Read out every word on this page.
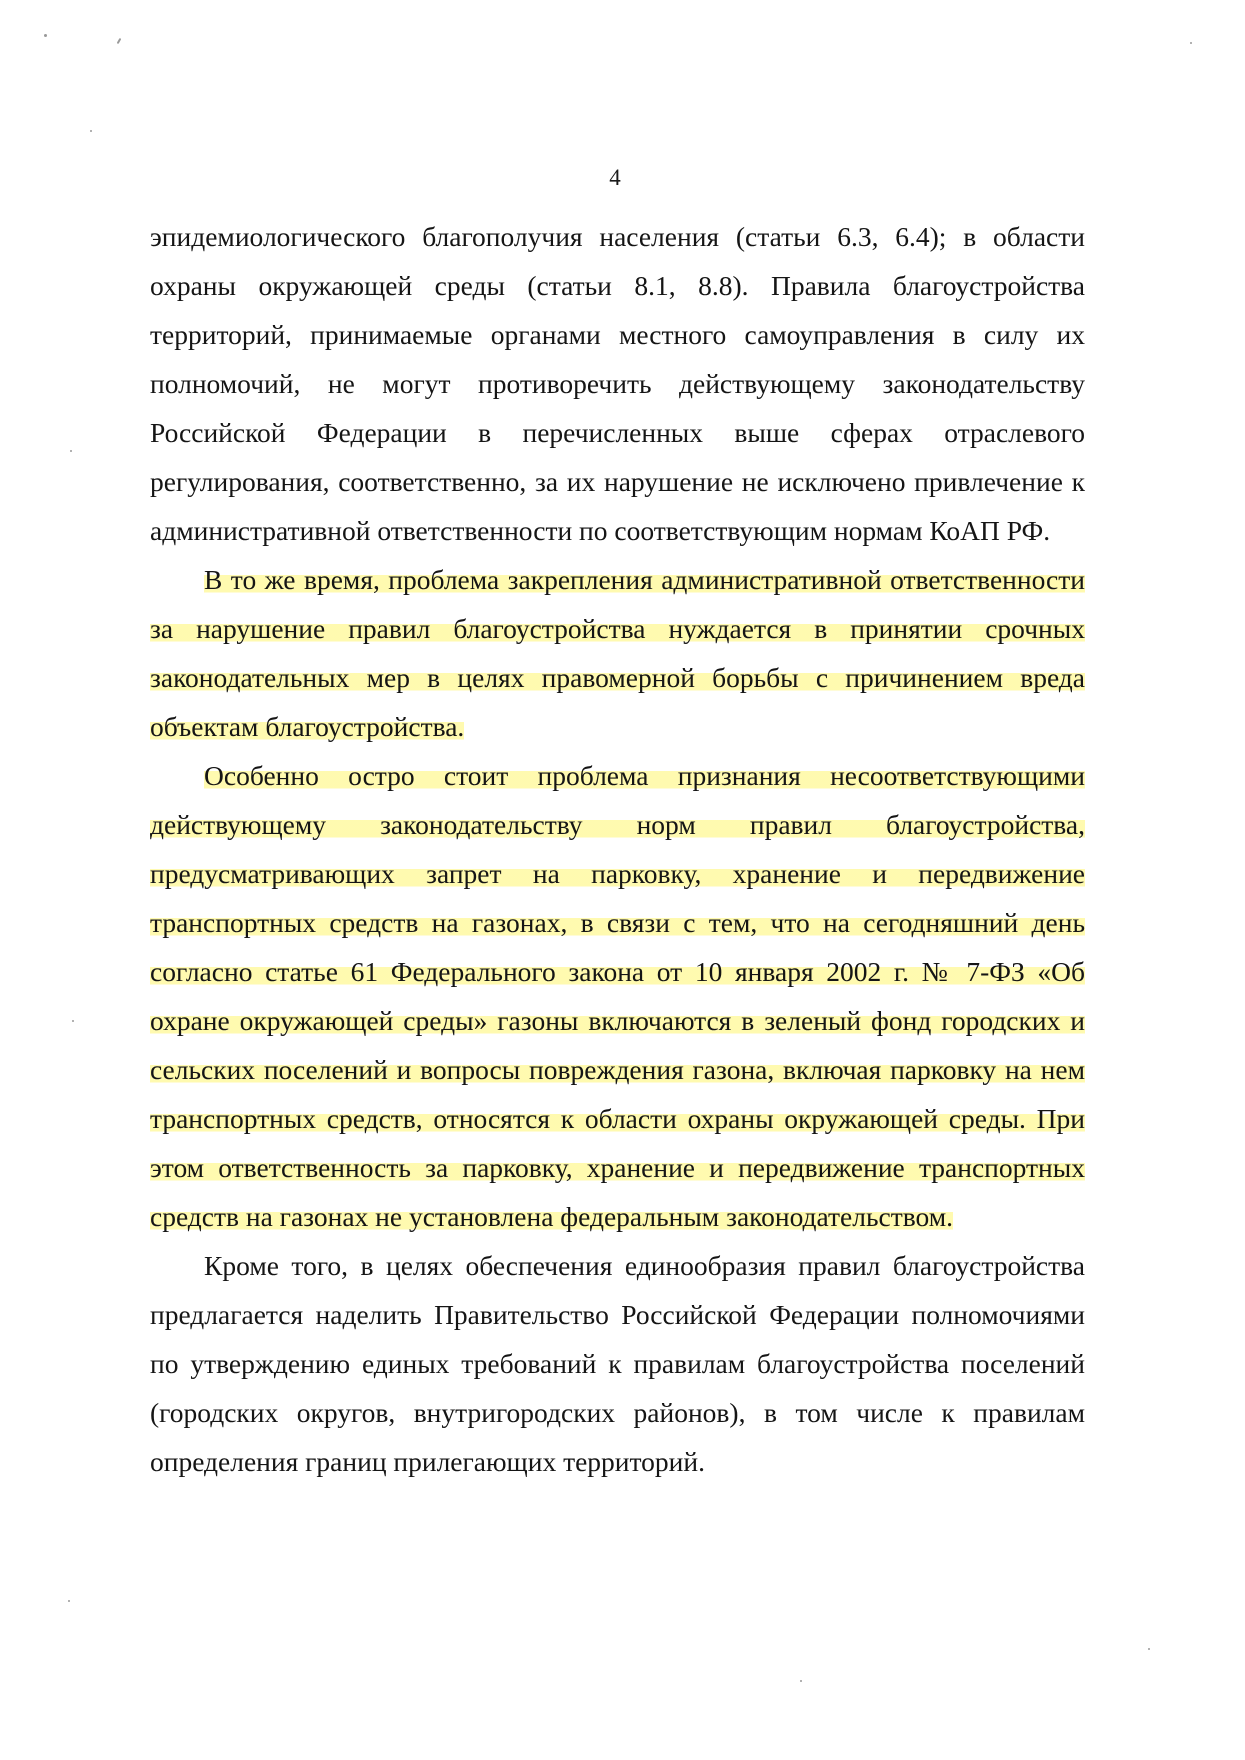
4

эпидемиологического благополучия населения (статьи 6.3, 6.4); в области охраны окружающей среды (статьи 8.1, 8.8). Правила благоустройства территорий, принимаемые органами местного самоуправления в силу их полномочий, не могут противоречить действующему законодательству Российской Федерации в перечисленных выше сферах отраслевого регулирования, соответственно, за их нарушение не исключено привлечение к административной ответственности по соответствующим нормам КоАП РФ.

В то же время, проблема закрепления административной ответственности за нарушение правил благоустройства нуждается в принятии срочных законодательных мер в целях правомерной борьбы с причинением вреда объектам благоустройства.

Особенно остро стоит проблема признания несоответствующими действующему законодательству норм правил благоустройства, предусматривающих запрет на парковку, хранение и передвижение транспортных средств на газонах, в связи с тем, что на сегодняшний день согласно статье 61 Федерального закона от 10 января 2002 г. № 7-ФЗ «Об охране окружающей среды» газоны включаются в зеленый фонд городских и сельских поселений и вопросы повреждения газона, включая парковку на нем транспортных средств, относятся к области охраны окружающей среды. При этом ответственность за парковку, хранение и передвижение транспортных средств на газонах не установлена федеральным законодательством.

Кроме того, в целях обеспечения единообразия правил благоустройства предлагается наделить Правительство Российской Федерации полномочиями по утверждению единых требований к правилам благоустройства поселений (городских округов, внутригородских районов), в том числе к правилам определения границ прилегающих территорий.
